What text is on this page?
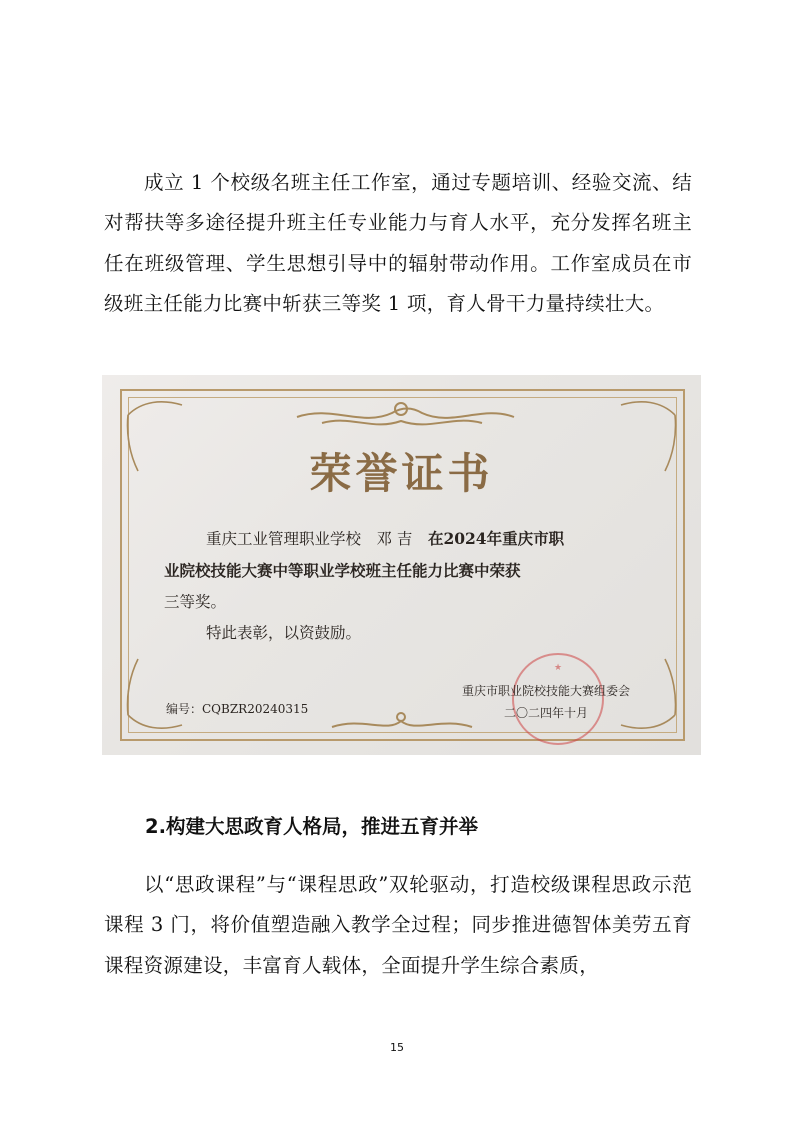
成立 1 个校级名班主任工作室，通过专题培训、经验交流、结对帮扶等多途径提升班主任专业能力与育人水平，充分发挥名班主任在班级管理、学生思想引导中的辐射带动作用。工作室成员在市级班主任能力比赛中斩获三等奖 1 项，育人骨干力量持续壮大。

荣誉证书
重庆工业管理职业学校　邓 吉　 在2024年重庆市职
业院校技能大赛中等职业学校班主任能力比赛中荣获
三等奖。
特此表彰，以资鼓励。
★
编号：CQBZR20240315
重庆市职业院校技能大赛组委会
二〇二四年十月
2.构建大思政育人格局，推进五育并举

以“思政课程”与“课程思政”双轮驱动，打造校级课程思政示范课程 3 门，将价值塑造融入教学全过程；同步推进德智体美劳五育课程资源建设，丰富育人载体，全面提升学生综合素质，

15
